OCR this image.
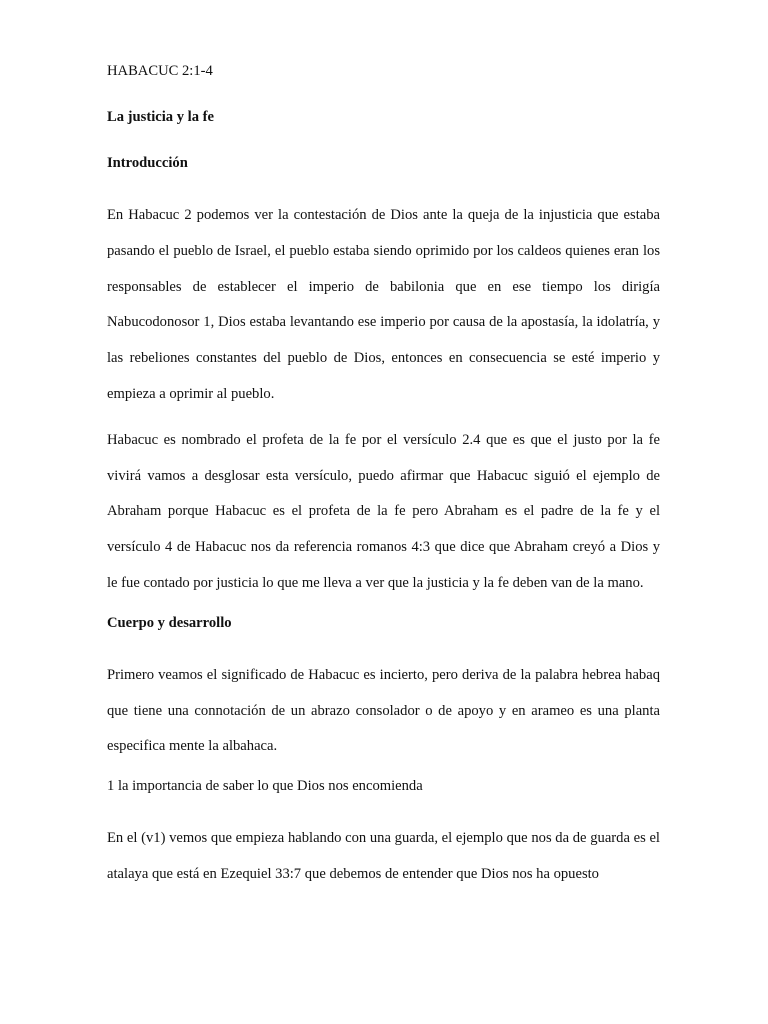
HABACUC 2:1-4

La justicia y la fe

Introducción

En Habacuc 2 podemos ver la contestación de Dios ante la queja de la injusticia que estaba pasando el pueblo de Israel, el pueblo estaba siendo oprimido por los caldeos quienes eran los responsables de establecer el imperio de babilonia que en ese tiempo los dirigía Nabucodonosor 1, Dios estaba levantando ese imperio por causa de la apostasía, la idolatría, y las rebeliones constantes del pueblo de Dios, entonces en consecuencia se esté imperio y empieza a oprimir al pueblo.

Habacuc es nombrado el profeta de la fe por el versículo 2.4 que es que el justo por la fe vivirá vamos a desglosar esta versículo, puedo afirmar que Habacuc siguió el ejemplo de Abraham porque Habacuc es el profeta de la fe pero Abraham es el padre de la fe y el versículo 4 de Habacuc nos da referencia romanos 4:3 que dice que Abraham creyó a Dios y le fue contado por justicia lo que me lleva a ver que la justicia y la fe deben van de la mano.

Cuerpo y desarrollo

Primero veamos el significado de Habacuc es incierto, pero deriva de la palabra hebrea habaq que tiene una connotación de un abrazo consolador o de apoyo y en arameo es una planta especifica mente la albahaca.

1 la importancia de saber lo que Dios nos encomienda

En el (v1) vemos que empieza hablando con una guarda, el ejemplo que nos da de guarda es el atalaya que está en Ezequiel 33:7 que debemos de entender que Dios nos ha opuesto
